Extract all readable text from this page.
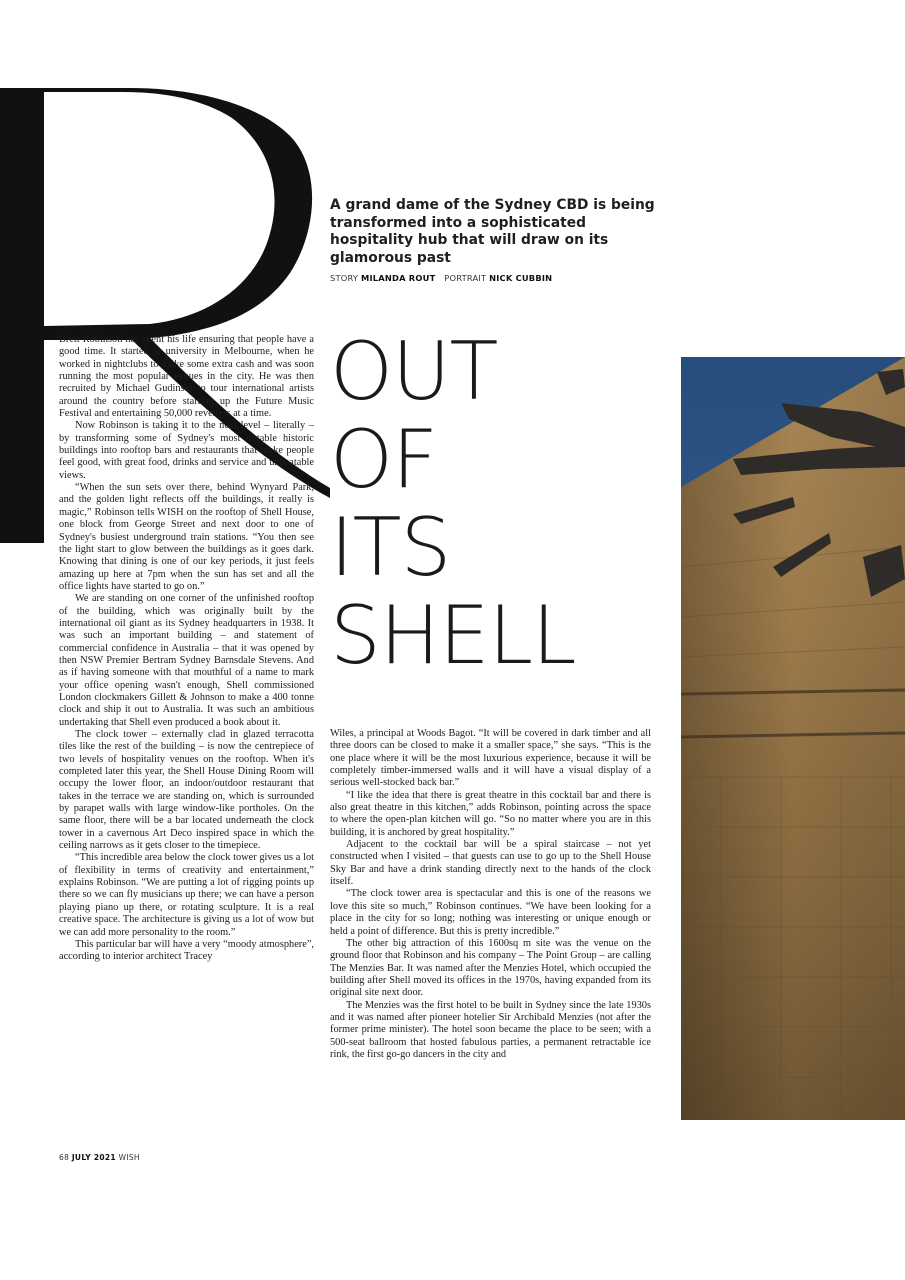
A grand dame of the Sydney CBD is being transformed into a sophisticated hospitality hub that will draw on its glamorous past

STORY MILANDA ROUT PORTRAIT NICK CUBBIN
OUT
OF
ITS
SHELL

Brett Robinson has spent his life ensuring that people have a good time. It started at university in Melbourne, when he worked in nightclubs to make some extra cash and was soon running the most popular venues in the city. He was then recruited by Michael Gudinski to tour international artists around the country before starting up the Future Music Festival and entertaining 50,000 revellers at a time.

Now Robinson is taking it to the next level – literally – by transforming some of Sydney's most notable historic buildings into rooftop bars and restaurants that make people feel good, with great food, drinks and service and unbeatable views.

“When the sun sets over there, behind Wynyard Park, and the golden light reflects off the buildings, it really is magic,” Robinson tells WISH on the rooftop of Shell House, one block from George Street and next door to one of Sydney's busiest underground train stations. “You then see the light start to glow between the buildings as it goes dark. Knowing that dining is one of our key periods, it just feels amazing up here at 7pm when the sun has set and all the office lights have started to go on.”

We are standing on one corner of the unfinished rooftop of the building, which was originally built by the international oil giant as its Sydney headquarters in 1938. It was such an important building – and statement of commercial confidence in Australia – that it was opened by then NSW Premier Bertram Sydney Barnsdale Stevens. And as if having someone with that mouthful of a name to mark your office opening wasn't enough, Shell commissioned London clockmakers Gillett & Johnson to make a 400 tonne clock and ship it out to Australia. It was such an ambitious undertaking that Shell even produced a book about it.

The clock tower – externally clad in glazed terracotta tiles like the rest of the building – is now the centrepiece of two levels of hospitality venues on the rooftop. When it's completed later this year, the Shell House Dining Room will occupy the lower floor, an indoor/outdoor restaurant that takes in the terrace we are standing on, which is surrounded by parapet walls with large window-like portholes. On the same floor, there will be a bar located underneath the clock tower in a cavernous Art Deco inspired space in which the ceiling narrows as it gets closer to the timepiece.

“This incredible area below the clock tower gives us a lot of flexibility in terms of creativity and entertainment,” explains Robinson. “We are putting a lot of rigging points up there so we can fly musicians up there; we can have a person playing piano up there, or rotating sculpture. It is a real creative space. The architecture is giving us a lot of wow but we can add more personality to the room.”

This particular bar will have a very “moody atmosphere”, according to interior architect Tracey

Wiles, a principal at Woods Bagot. “It will be covered in dark timber and all three doors can be closed to make it a smaller space,” she says. “This is the one place where it will be the most luxurious experience, because it will be completely timber-immersed walls and it will have a visual display of a serious well-stocked back bar.”

“I like the idea that there is great theatre in this cocktail bar and there is also great theatre in this kitchen,” adds Robinson, pointing across the space to where the open-plan kitchen will go. “So no matter where you are in this building, it is anchored by great hospitality.”

Adjacent to the cocktail bar will be a spiral staircase – not yet constructed when I visited – that guests can use to go up to the Shell House Sky Bar and have a drink standing directly next to the hands of the clock itself.

“The clock tower area is spectacular and this is one of the reasons we love this site so much,” Robinson continues. “We have been looking for a place in the city for so long; nothing was interesting or unique enough or held a point of difference. But this is pretty incredible.”

The other big attraction of this 1600sq m site was the venue on the ground floor that Robinson and his company – The Point Group – are calling The Menzies Bar. It was named after the Menzies Hotel, which occupied the building after Shell moved its offices in the 1970s, having expanded from its original site next door.

The Menzies was the first hotel to be built in Sydney since the late 1930s and it was named after pioneer hotelier Sir Archibald Menzies (not after the former prime minister). The hotel soon became the place to be seen; with a 500-seat ballroom that hosted fabulous parties, a permanent retractable ice rink, the first go-go dancers in the city and

68 JULY 2021 WISH
